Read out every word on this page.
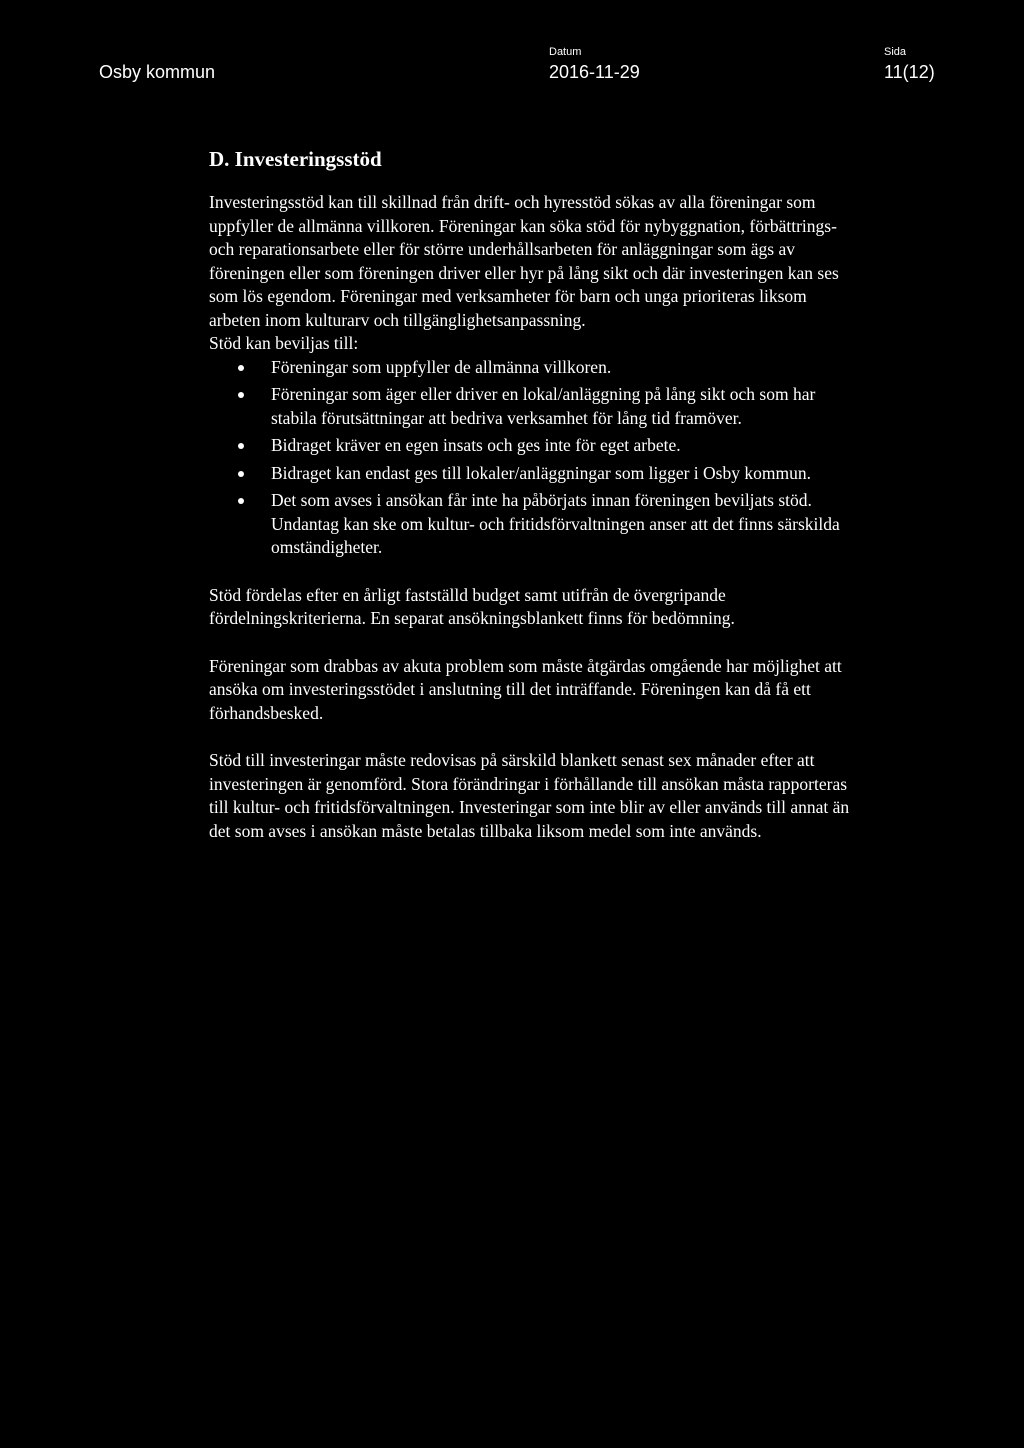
Osby kommun
Datum
2016-11-29
Sida
11(12)
D. Investeringsstöd

Investeringsstöd kan till skillnad från drift- och hyresstöd sökas av alla föreningar som uppfyller de allmänna villkoren. Föreningar kan söka stöd för nybyggnation, förbättrings- och reparationsarbete eller för större underhållsarbeten för anläggningar som ägs av föreningen eller som föreningen driver eller hyr på lång sikt och där investeringen kan ses som lös egendom. Föreningar med verksamheter för barn och unga prioriteras liksom arbeten inom kulturarv och tillgänglighetsanpassning.

Stöd kan beviljas till:

Föreningar som uppfyller de allmänna villkoren.
Föreningar som äger eller driver en lokal/anläggning på lång sikt och som har stabila förutsättningar att bedriva verksamhet för lång tid framöver.
Bidraget kräver en egen insats och ges inte för eget arbete.
Bidraget kan endast ges till lokaler/anläggningar som ligger i Osby kommun.
Det som avses i ansökan får inte ha påbörjats innan föreningen beviljats stöd. Undantag kan ske om kultur- och fritidsförvaltningen anser att det finns särskilda omständigheter.

Stöd fördelas efter en årligt fastställd budget samt utifrån de övergripande fördelningskriterierna. En separat ansökningsblankett finns för bedömning.

Föreningar som drabbas av akuta problem som måste åtgärdas omgående har möjlighet att ansöka om investeringsstödet i anslutning till det inträffande. Föreningen kan då få ett förhandsbesked.

Stöd till investeringar måste redovisas på särskild blankett senast sex månader efter att investeringen är genomförd. Stora förändringar i förhållande till ansökan måsta rapporteras till kultur- och fritidsförvaltningen. Investeringar som inte blir av eller används till annat än det som avses i ansökan måste betalas tillbaka liksom medel som inte används.
